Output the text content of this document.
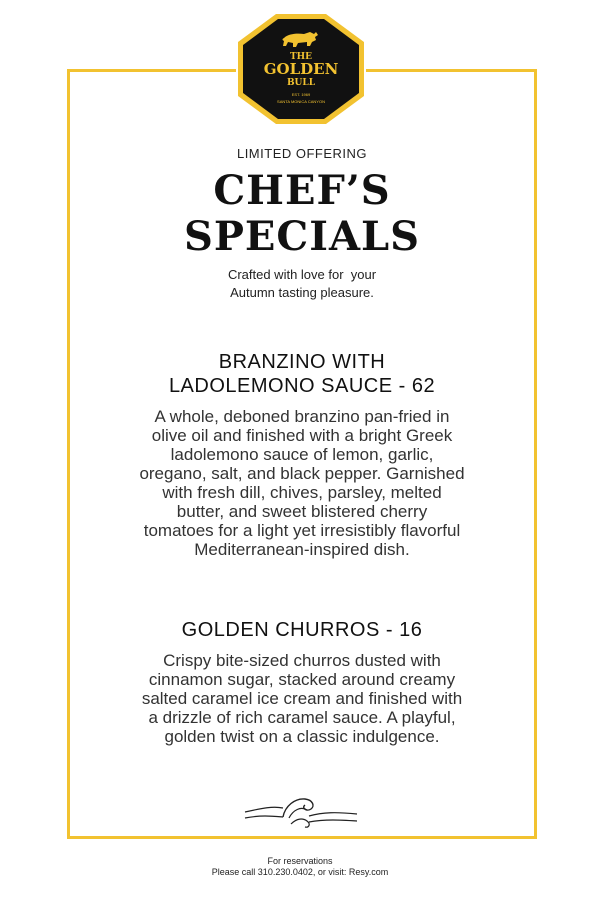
THE
GOLDEN
BULL
EST. 1969
SANTA MONICA CANYON
LIMITED OFFERING
CHEF’S
SPECIALS
Crafted with love for  your
Autumn tasting pleasure.
BRANZINO WITH
LADOLEMONO SAUCE - 62
A whole, deboned branzino pan-fried in
olive oil and finished with a bright Greek
ladolemono sauce of lemon, garlic,
oregano, salt, and black pepper. Garnished
with fresh dill, chives, parsley, melted
butter, and sweet blistered cherry
tomatoes for a light yet irresistibly flavorful
Mediterranean-inspired dish.
GOLDEN CHURROS - 16
Crispy bite-sized churros dusted with
cinnamon sugar, stacked around creamy
salted caramel ice cream and finished with
a drizzle of rich caramel sauce. A playful,
golden twist on a classic indulgence.
For reservations
Please call 310.230.0402, or visit: Resy.com
